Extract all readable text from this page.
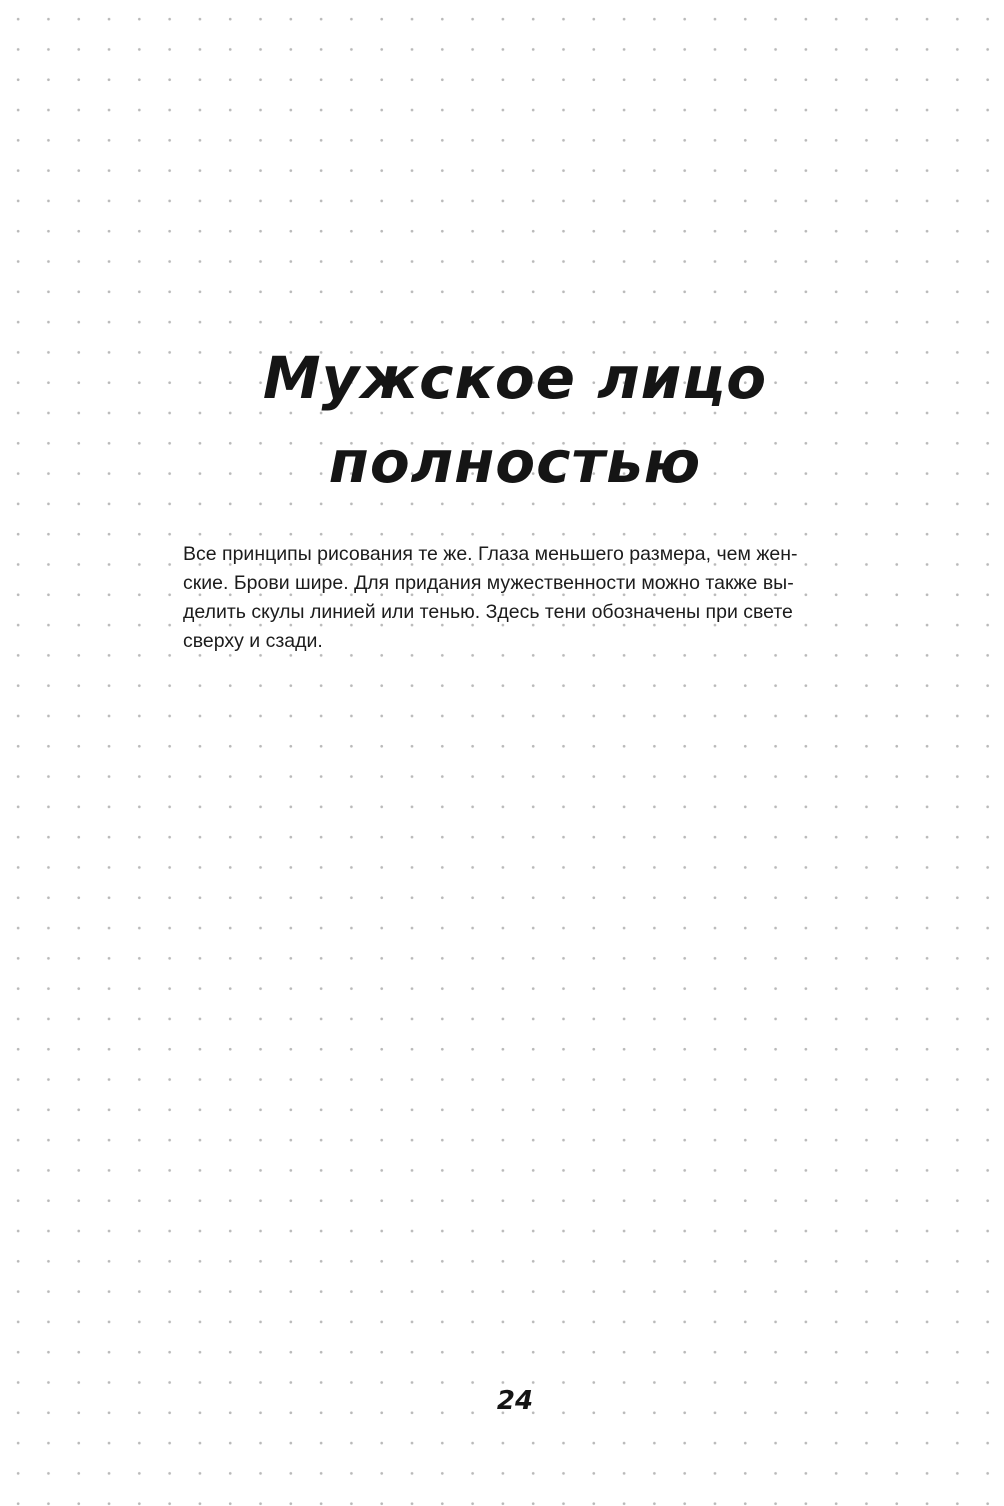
Мужское лицо
полностью

Все принципы рисования те же. Глаза меньшего размера, чем жен-
ские. Брови шире. Для придания мужественности можно также вы-
делить скулы линией или тенью. Здесь тени обозначены при свете
сверху и сзади.

24
